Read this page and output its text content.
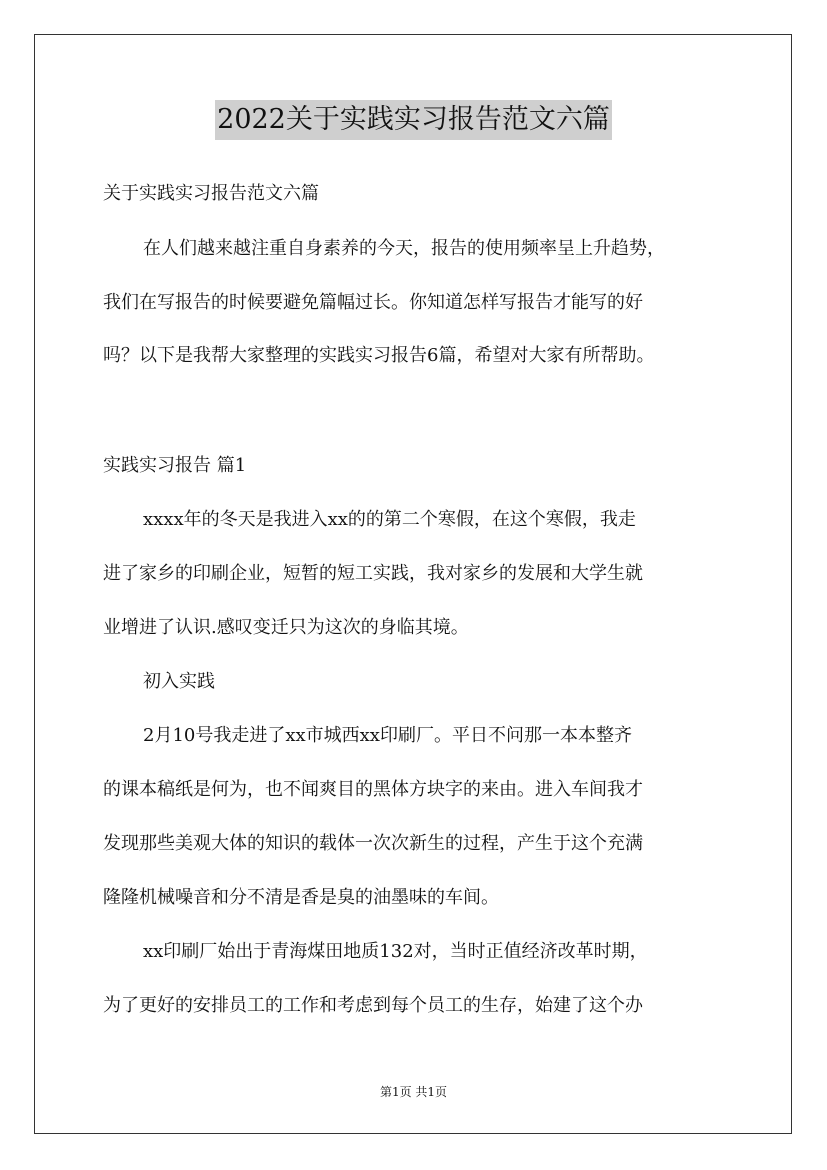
2022关于实践实习报告范文六篇
关于实践实习报告范文六篇
在人们越来越注重自身素养的今天，报告的使用频率呈上升趋势，
我们在写报告的时候要避免篇幅过长。你知道怎样写报告才能写的好
吗？以下是我帮大家整理的实践实习报告6篇，希望对大家有所帮助。
实践实习报告 篇1
xxxx年的冬天是我进入xx的的第二个寒假，在这个寒假，我走
进了家乡的印刷企业，短暂的短工实践，我对家乡的发展和大学生就
业增进了认识.感叹变迁只为这次的身临其境。
初入实践
2月10号我走进了xx市城西xx印刷厂。平日不问那一本本整齐
的课本稿纸是何为，也不闻爽目的黑体方块字的来由。进入车间我才
发现那些美观大体的知识的载体一次次新生的过程，产生于这个充满
隆隆机械噪音和分不清是香是臭的油墨味的车间。
xx印刷厂始出于青海煤田地质132对，当时正值经济改革时期，
为了更好的安排员工的工作和考虑到每个员工的生存，始建了这个办
第1页 共1页
